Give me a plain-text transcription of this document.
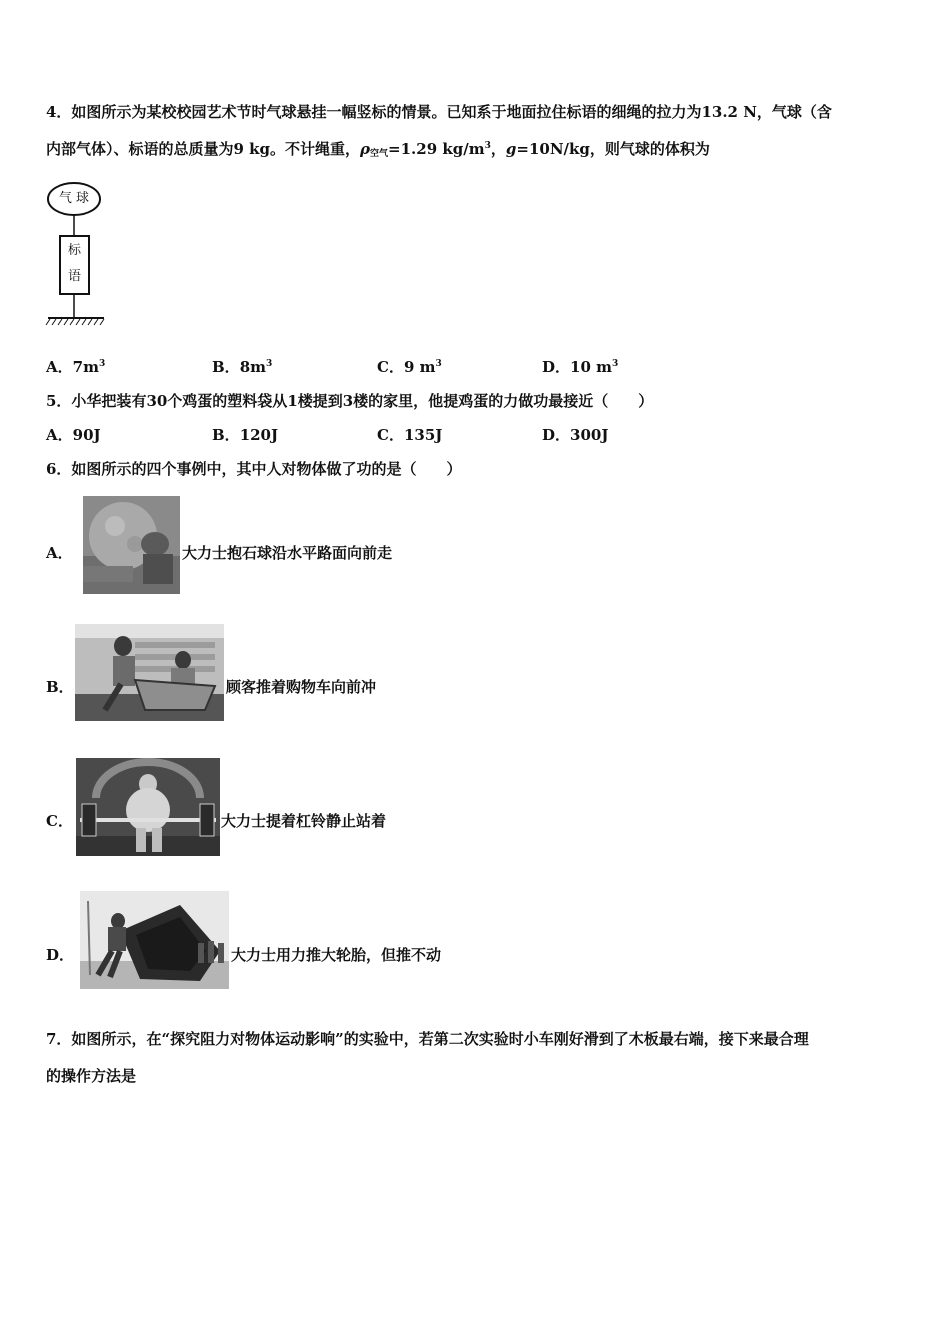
4．如图所示为某校校园艺术节时气球悬挂一幅竖标的情景。已知系于地面拉住标语的细绳的拉力为13.2 N，气球（含
内部气体）、标语的总质量为9 kg。不计绳重，$\rho_{空气}=1.29$ $kg/m^3$，g=10N/kg，则气球的体积为
气 球
标
语
A．$7m^3$	B．$8m^3$	C．9 $m^3$	D．10 $m^3$
5．小华把装有30个鸡蛋的塑料袋从1楼提到3楼的家里，他提鸡蛋的力做功最接近（　　）
A．90J	B．120J	C．135J	D．300J
6．如图所示的四个事例中，其中人对物体做了功的是（　　）
A．	大力士抱石球沿水平路面向前走
B．	顾客推着购物车向前冲
C．	大力士提着杠铃静止站着
D．	大力士用力推大轮胎，但推不动
7．如图所示，在“探究阻力对物体运动影响”的实验中，若第二次实验时小车刚好滑到了木板最右端，接下来最合理
的操作方法是
